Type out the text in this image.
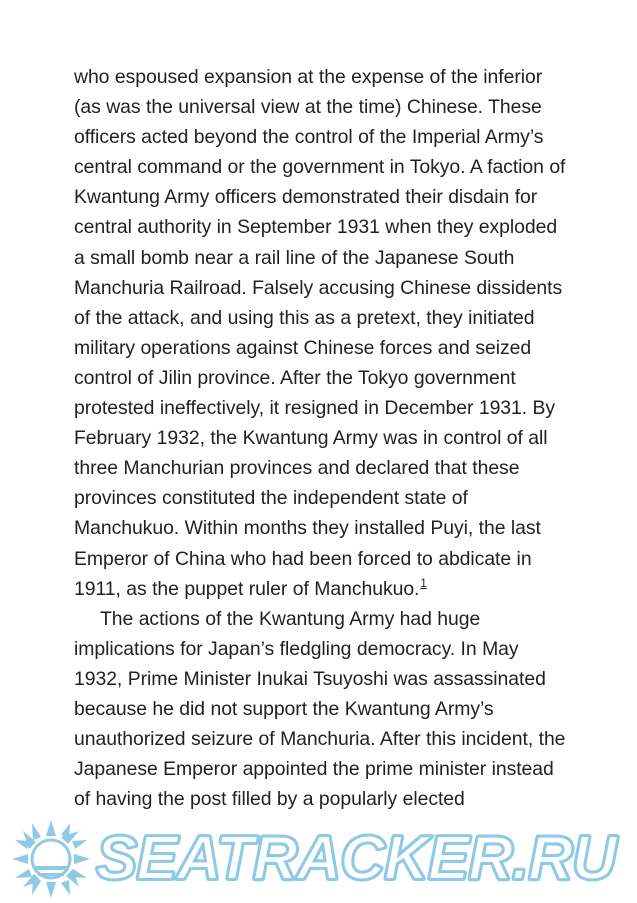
who espoused expansion at the expense of the inferior (as was the universal view at the time) Chinese. These officers acted beyond the control of the Imperial Army’s central command or the government in Tokyo. A faction of Kwantung Army officers demonstrated their disdain for central authority in September 1931 when they exploded a small bomb near a rail line of the Japanese South Manchuria Railroad. Falsely accusing Chinese dissidents of the attack, and using this as a pretext, they initiated military operations against Chinese forces and seized control of Jilin province. After the Tokyo government protested ineffectively, it resigned in December 1931. By February 1932, the Kwantung Army was in control of all three Manchurian provinces and declared that these provinces constituted the independent state of Manchukuo. Within months they installed Puyi, the last Emperor of China who had been forced to abdicate in 1911, as the puppet ruler of Manchukuo.$^1$

The actions of the Kwantung Army had huge implications for Japan’s fledgling democracy. In May 1932, Prime Minister Inukai Tsuyoshi was assassinated because he did not support the Kwantung Army’s unauthorized seizure of Manchuria. After this incident, the Japanese Emperor appointed the prime minister instead of having the post filled by a popularly elected

SEATRACKER.RU
